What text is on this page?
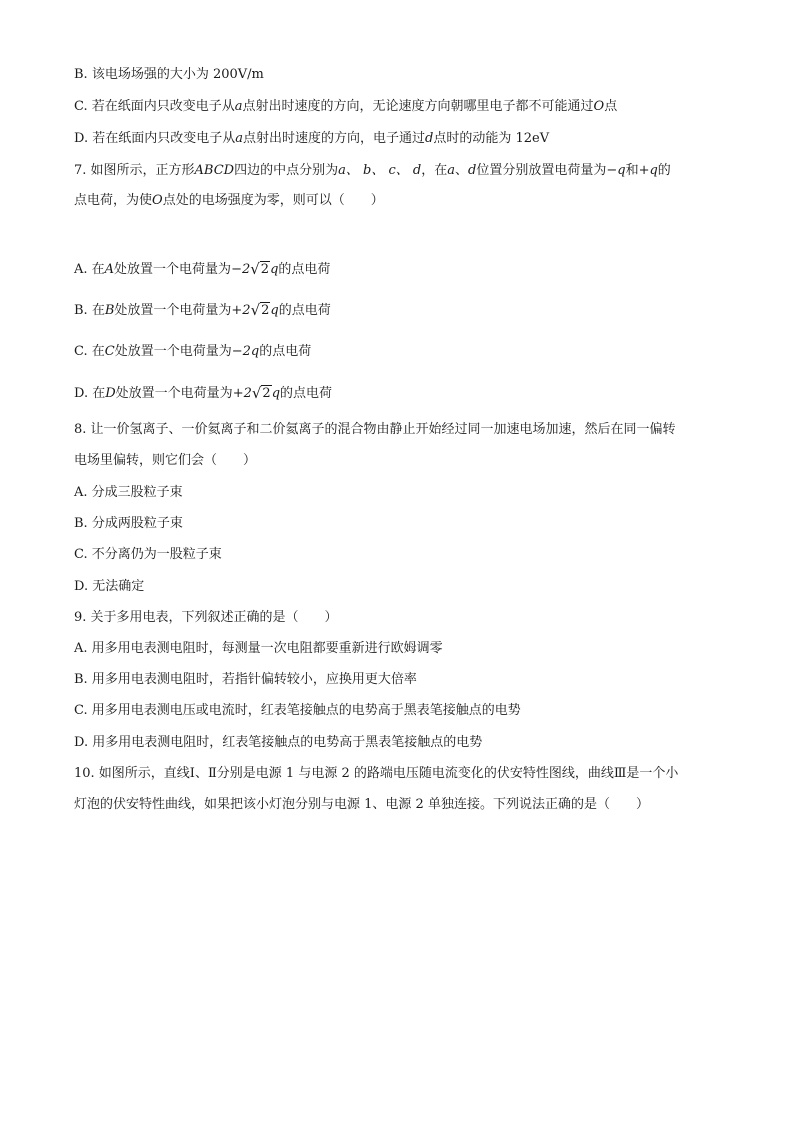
B. 该电场场强的大小为 200V/m
C. 若在纸面内只改变电子从a点射出时速度的方向，无论速度方向朝哪里电子都不可能通过O点
D. 若在纸面内只改变电子从a点射出时速度的方向，电子通过d点时的动能为 12eV
7. 如图所示，正方形ABCD四边的中点分别为a、 b、 c、 d，在a、d位置分别放置电荷量为−q和+q的
点电荷，为使O点处的电场强度为零，则可以（　　）
A. 在A处放置一个电荷量为−2√2q的点电荷
B. 在B处放置一个电荷量为+2√2q的点电荷
C. 在C处放置一个电荷量为−2q的点电荷
D. 在D处放置一个电荷量为+2√2q的点电荷
8. 让一价氢离子、一价氦离子和二价氦离子的混合物由静止开始经过同一加速电场加速，然后在同一偏转
电场里偏转，则它们会（　　）
A. 分成三股粒子束
B. 分成两股粒子束
C. 不分离仍为一股粒子束
D. 无法确定
9. 关于多用电表，下列叙述正确的是（　　）
A. 用多用电表测电阻时，每测量一次电阻都要重新进行欧姆调零
B. 用多用电表测电阻时，若指针偏转较小，应换用更大倍率
C. 用多用电表测电压或电流时，红表笔接触点的电势高于黑表笔接触点的电势
D. 用多用电表测电阻时，红表笔接触点的电势高于黑表笔接触点的电势
10. 如图所示，直线Ⅰ、Ⅱ分别是电源 1 与电源 2 的路端电压随电流变化的伏安特性图线，曲线Ⅲ是一个小
灯泡的伏安特性曲线，如果把该小灯泡分别与电源 1、电源 2 单独连接。下列说法正确的是（　　）
